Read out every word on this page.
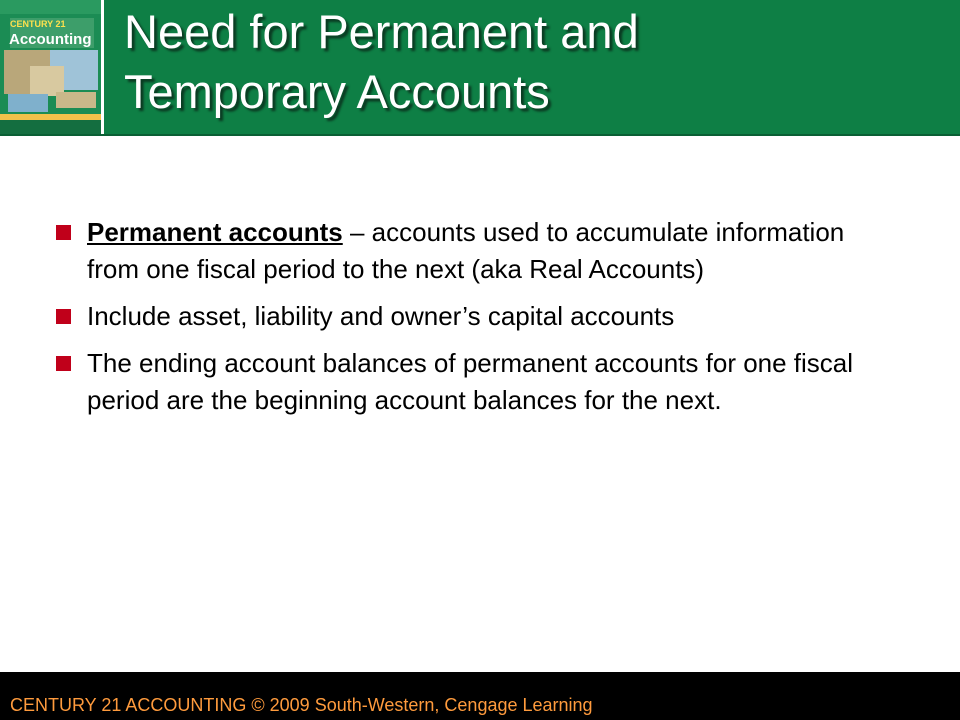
CENTURY 21
Accounting Need for Permanent and
Temporary Accounts
Permanent accounts – accounts used to accumulate information from one fiscal period to the next (aka Real Accounts)
Include asset, liability and owner’s capital accounts
The ending account balances of permanent accounts for one fiscal period are the beginning account balances for the next.
CENTURY 21 ACCOUNTING © 2009 South-Western, Cengage Learning
